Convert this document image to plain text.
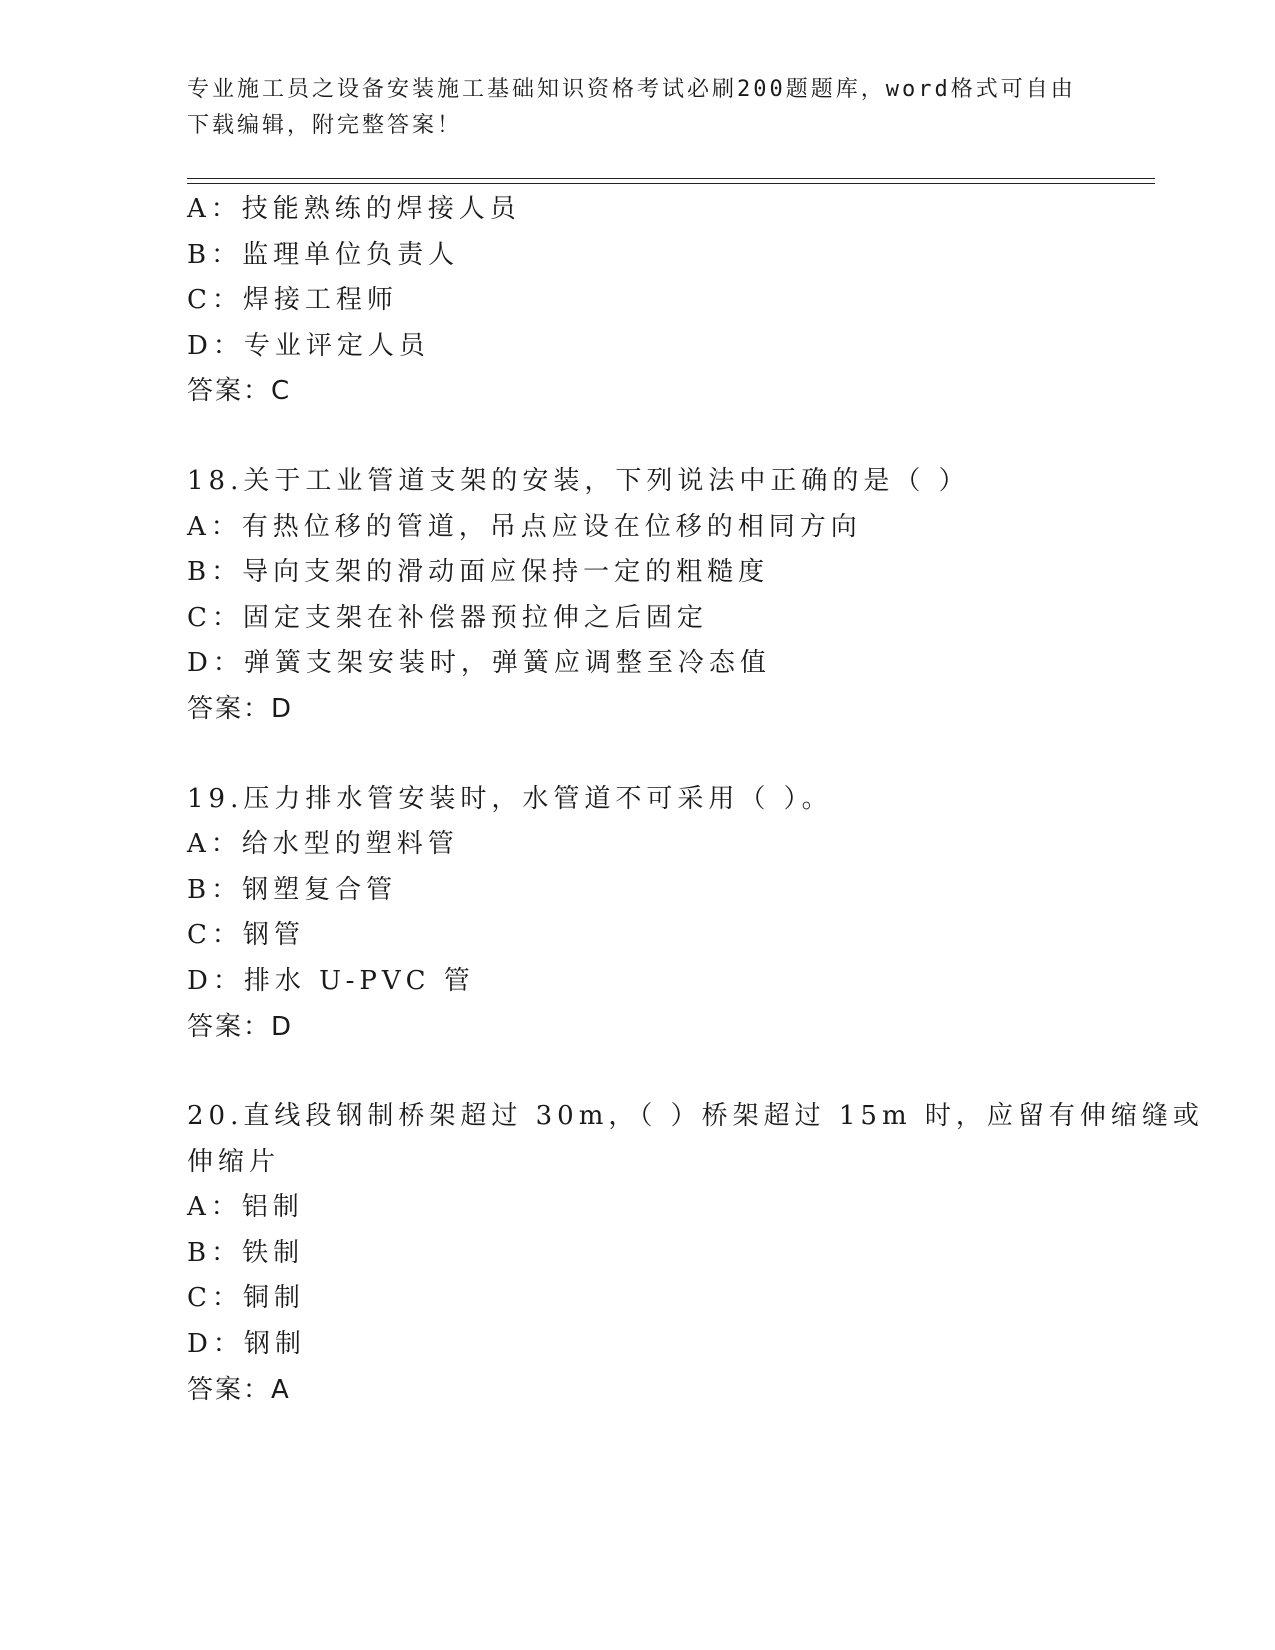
专业施工员之设备安装施工基础知识资格考试必刷200题题库，word格式可自由
下载编辑，附完整答案！
A：技能熟练的焊接人员
B：监理单位负责人
C：焊接工程师
D：专业评定人员
答案：C
18.关于工业管道支架的安装，下列说法中正确的是（ ）
A：有热位移的管道，吊点应设在位移的相同方向
B：导向支架的滑动面应保持一定的粗糙度
C：固定支架在补偿器预拉伸之后固定
D：弹簧支架安装时，弹簧应调整至冷态值
答案：D
19.压力排水管安装时，水管道不可采用（ ）。
A：给水型的塑料管
B：钢塑复合管
C：钢管
D：排水 U-PVC 管
答案：D
20.直线段钢制桥架超过 30m，（ ）桥架超过 15m 时，应留有伸缩缝或
伸缩片
A：铝制
B：铁制
C：铜制
D：钢制
答案：A
